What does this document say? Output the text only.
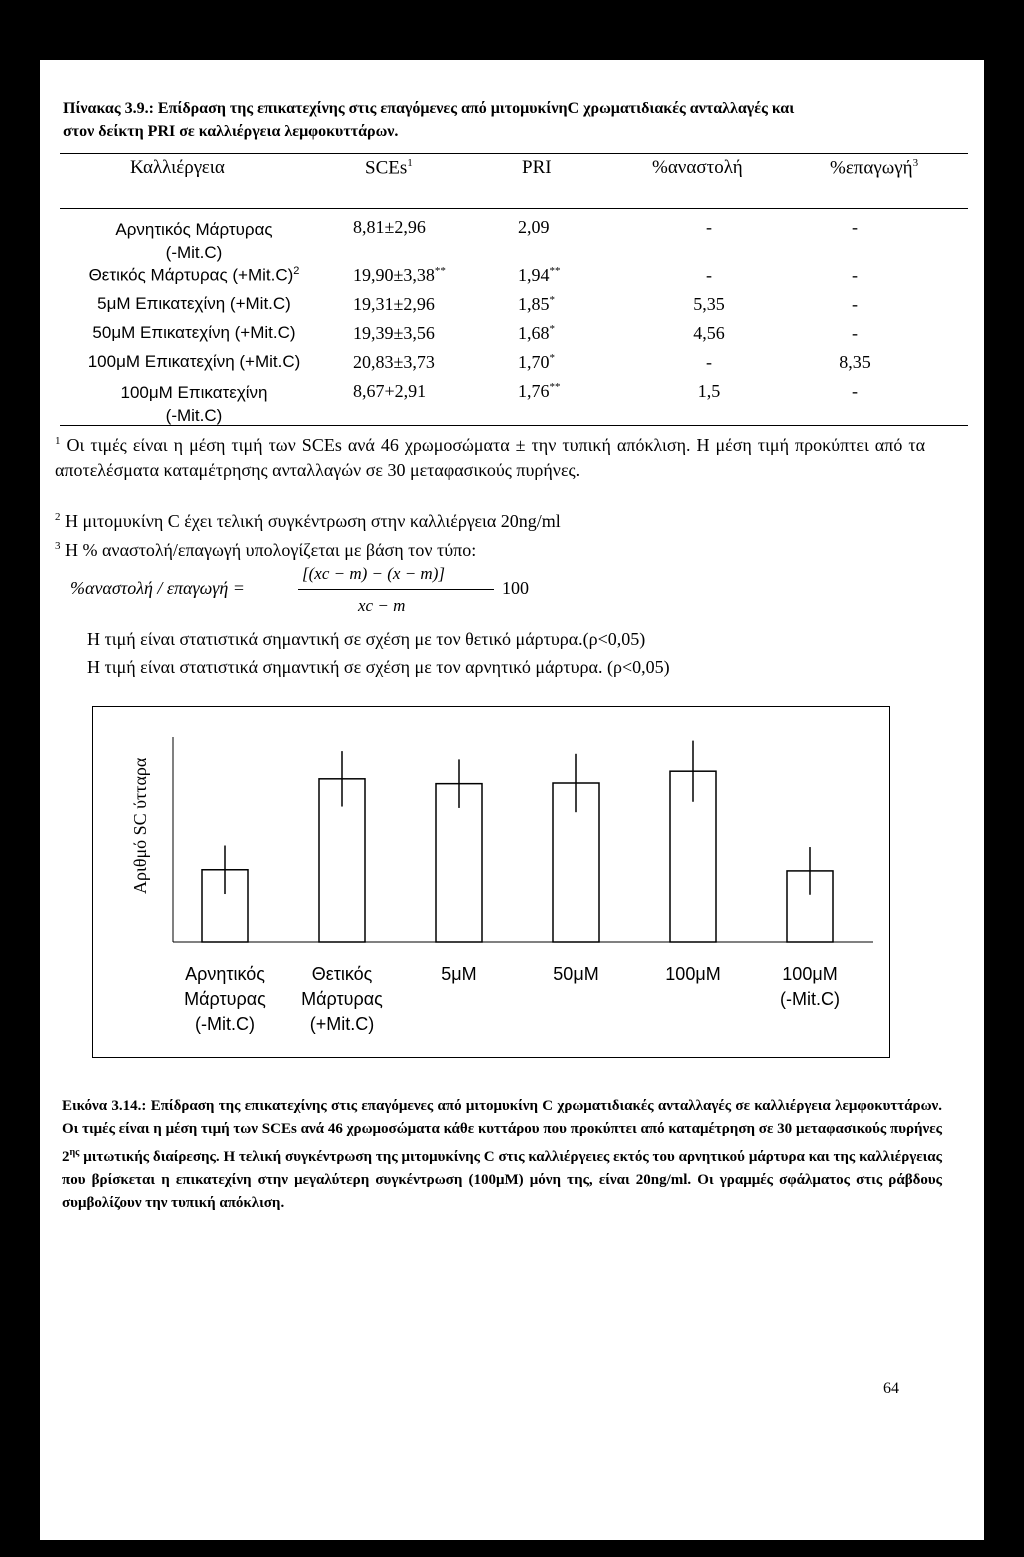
Πίνακας 3.9.: Επίδραση της επικατεχίνης στις επαγόμενες από μιτομυκίνηC χρωματιδιακές ανταλλαγές και
στον δείκτη PRI σε καλλιέργεια λεμφοκυττάρων.
Καλλιέργεια	SCEs$^1$	PRI	%αναστολή	%επαγωγή$^3$
Αρνητικός Μάρτυρας
(-Mit.C)
8,81±2,96	2,09	-	-
Θετικός Μάρτυρας $(+Mit.C)^2$	19,90±3,38**	1,94**	-	-
5μM Επικατεχίνη (+Mit.C)	19,31±2,96	1,85*	5,35	-
50μM Επικατεχίνη (+Mit.C)	19,39±3,56	1,68*	4,56	-
100μM Επικατεχίνη (+Mit.C)	20,83±3,73	1,70*	-	8,35
100μM Επικατεχίνη
(-Mit.C)
8,67+2,91	1,76**	1,5	-
$^1$ Οι τιμές είναι η μέση τιμή των SCEs ανά 46 χρωμοσώματα ± την τυπική απόκλιση. Η μέση τιμή προκύπτει από τα αποτελέσματα καταμέτρησης ανταλλαγών σε 30 μεταφασικούς πυρήνες.
$^2$ Η μιτομυκίνη C έχει τελική συγκέντρωση στην καλλιέργεια 20ng/ml
$^3$ Η % αναστολή/επαγωγή υπολογίζεται με βάση τον τύπο:
%αναστολή / επαγωγή =
[(xc − m) − (x − m)]
xc − m
100
Η τιμή είναι στατιστικά σημαντική σε σχέση με τον θετικό μάρτυρα.(ρ<0,05)
Η τιμή είναι στατιστικά σημαντική σε σχέση με τον αρνητικό μάρτυρα. (ρ<0,05)
Αριθμό SC ύτταρα
Αρνητικός
Μάρτυρας
(-Mit.C)
Θετικός
Μάρτυρας
(+Mit.C)
5μM	50μM	100μM	100μM
(-Mit.C)
Εικόνα 3.14.: Επίδραση της επικατεχίνης στις επαγόμενες από μιτομυκίνη C χρωματιδιακές ανταλλαγές σε καλλιέργεια λεμφοκυττάρων. Οι τιμές είναι η μέση τιμή των SCEs ανά 46 χρωμοσώματα κάθε κυττάρου που προκύπτει από καταμέτρηση σε 30 μεταφασικούς πυρήνες $2^{\eta\varsigma}$ μιτωτικής διαίρεσης. Η τελική συγκέντρωση της μιτομυκίνης C στις καλλιέργειες εκτός του αρνητικού μάρτυρα και της καλλιέργειας που βρίσκεται η επικατεχίνη στην μεγαλύτερη συγκέντρωση (100μM) μόνη της, είναι 20ng/ml. Οι γραμμές σφάλματος στις ράβδους συμβολίζουν την τυπική απόκλιση.
64
